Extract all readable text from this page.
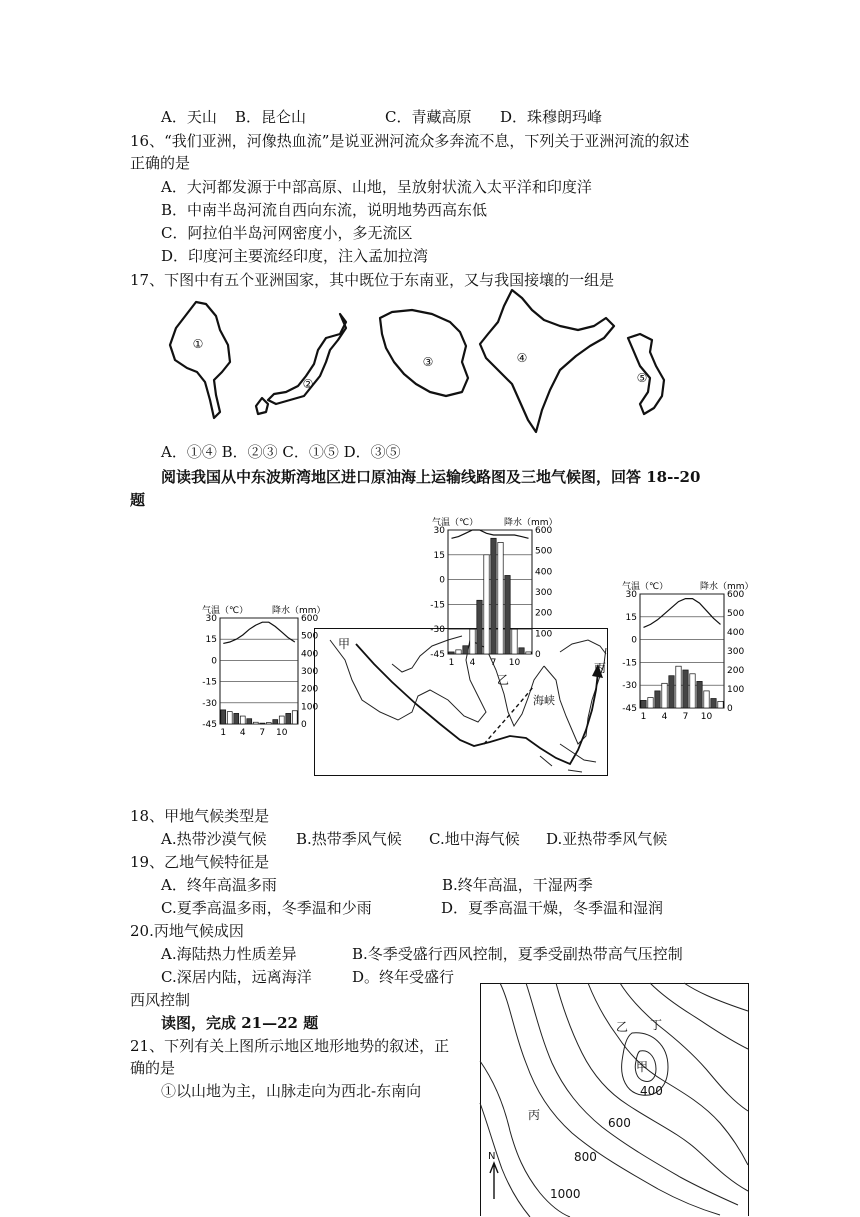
A．天山 B．昆仑山	C．青藏高原 D．珠穆朗玛峰
16、“我们亚洲，河像热血流”是说亚洲河流众多奔流不息，下列关于亚洲河流的叙述
正确的是
A．大河都发源于中部高原、山地，呈放射状流入太平洋和印度洋
B．中南半岛河流自西向东流，说明地势西高东低
C．阿拉伯半岛河网密度小，多无流区
D．印度河主要流经印度，注入孟加拉湾
17、下图中有五个亚洲国家，其中既位于东南亚，又与我国接壤的一组是
①
②
③	④
⑤
A．①④ B．②③ C．①⑤ D．③⑤
阅读我国从中东波斯湾地区进口原油海上运输线路图及三地气候图，回答 18--20
题
甲
乙
丙
海峡
气温（℃）	降水（mm）
30
15
0
-15
-30
-45
600
500
400
300
200
100
0
1 4 7 10
气温（℃）	降水（mm）
30
15
0
-15
-30
-45
600
500
400
300
200
100
0
1 4 7 10
气温（℃）	降水（mm）
30
15
0
-15
-30
-45
600
500
400
300
200
100
0
1 4 7 10
18、甲地气候类型是
A.热带沙漠气候 B.热带季风气候 C.地中海气候 D.亚热带季风气候
19、乙地气候特征是
A．终年高温多雨	B.终年高温，干湿两季
C.夏季高温多雨，冬季温和少雨	D．夏季高温干燥，冬季温和湿润
20.丙地气候成因
A.海陆热力性质差异	B.冬季受盛行西风控制，夏季受副热带高气压控制
C.深居内陆，远离海洋	D。终年受盛行
西风控制
读图，完成 21—22 题
21、下列有关上图所示地区地形地势的叙述，正
确的是
①以山地为主，山脉走向为西北-东南向
乙 丁
甲
400
丙
600
800
1000
N
